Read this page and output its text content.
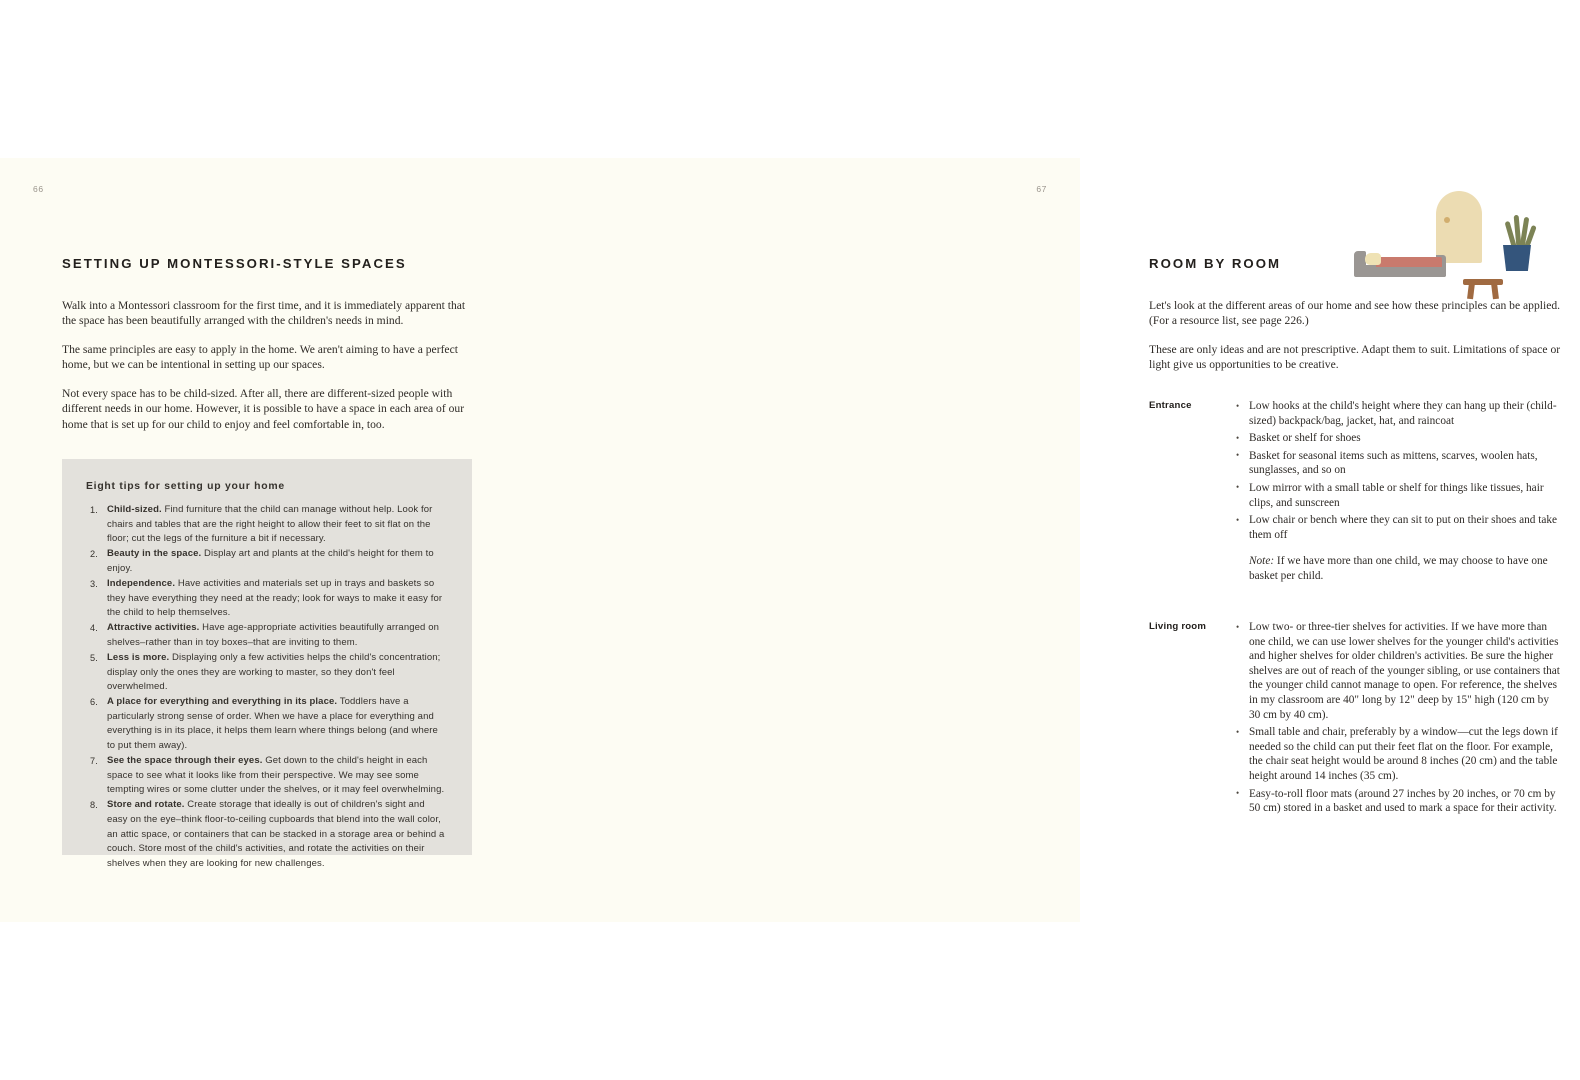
66
SETTING UP MONTESSORI-STYLE SPACES

Walk into a Montessori classroom for the first time, and it is immediately apparent that the space has been beautifully arranged with the children's needs in mind.

The same principles are easy to apply in the home. We aren't aiming to have a perfect home, but we can be intentional in setting up our spaces.

Not every space has to be child-sized. After all, there are different-sized people with different needs in our home. However, it is possible to have a space in each area of our home that is set up for our child to enjoy and feel comfortable in, too.

Eight tips for setting up your home
Child-sized. Find furniture that the child can manage without help. Look for chairs and tables that are the right height to allow their feet to sit flat on the floor; cut the legs of the furniture a bit if necessary.
Beauty in the space. Display art and plants at the child's height for them to enjoy.
Independence. Have activities and materials set up in trays and baskets so they have everything they need at the ready; look for ways to make it easy for the child to help themselves.
Attractive activities. Have age-appropriate activities beautifully arranged on shelves–rather than in toy boxes–that are inviting to them.
Less is more. Displaying only a few activities helps the child's concentration; display only the ones they are working to master, so they don't feel overwhelmed.
A place for everything and everything in its place. Toddlers have a particularly strong sense of order. When we have a place for everything and everything is in its place, it helps them learn where things belong (and where to put them away).
See the space through their eyes. Get down to the child's height in each space to see what it looks like from their perspective. We may see some tempting wires or some clutter under the shelves, or it may feel overwhelming.
Store and rotate. Create storage that ideally is out of children's sight and easy on the eye–think floor-to-ceiling cupboards that blend into the wall color, an attic space, or containers that can be stacked in a storage area or behind a couch. Store most of the child's activities, and rotate the activities on their shelves when they are looking for new challenges.
67
ROOM BY ROOM

Let's look at the different areas of our home and see how these principles can be applied. (For a resource list, see page 226.)

These are only ideas and are not prescriptive. Adapt them to suit. Limitations of space or light give us opportunities to be creative.

Entrance	• Low hooks at the child's height where they can hang up their (child-sized) backpack/bag, jacket, hat, and raincoat
• Basket or shelf for shoes
• Basket for seasonal items such as mittens, scarves, woolen hats, sunglasses, and so on
• Low mirror with a small table or shelf for things like tissues, hair clips, and sunscreen
• Low chair or bench where they can sit to put on their shoes and take them off

Note: If we have more than one child, we may choose to have one basket per child.

Living room	• Low two- or three-tier shelves for activities. If we have more than one child, we can use lower shelves for the younger child's activities and higher shelves for older children's activities. Be sure the higher shelves are out of reach of the younger sibling, or use containers that the younger child cannot manage to open. For reference, the shelves in my classroom are 40" long by 12" deep by 15" high (120 cm by 30 cm by 40 cm).
• Small table and chair, preferably by a window—cut the legs down if needed so the child can put their feet flat on the floor. For example, the chair seat height would be around 8 inches (20 cm) and the table height around 14 inches (35 cm).
• Easy-to-roll floor mats (around 27 inches by 20 inches, or 70 cm by 50 cm) stored in a basket and used to mark a space for their activity.
